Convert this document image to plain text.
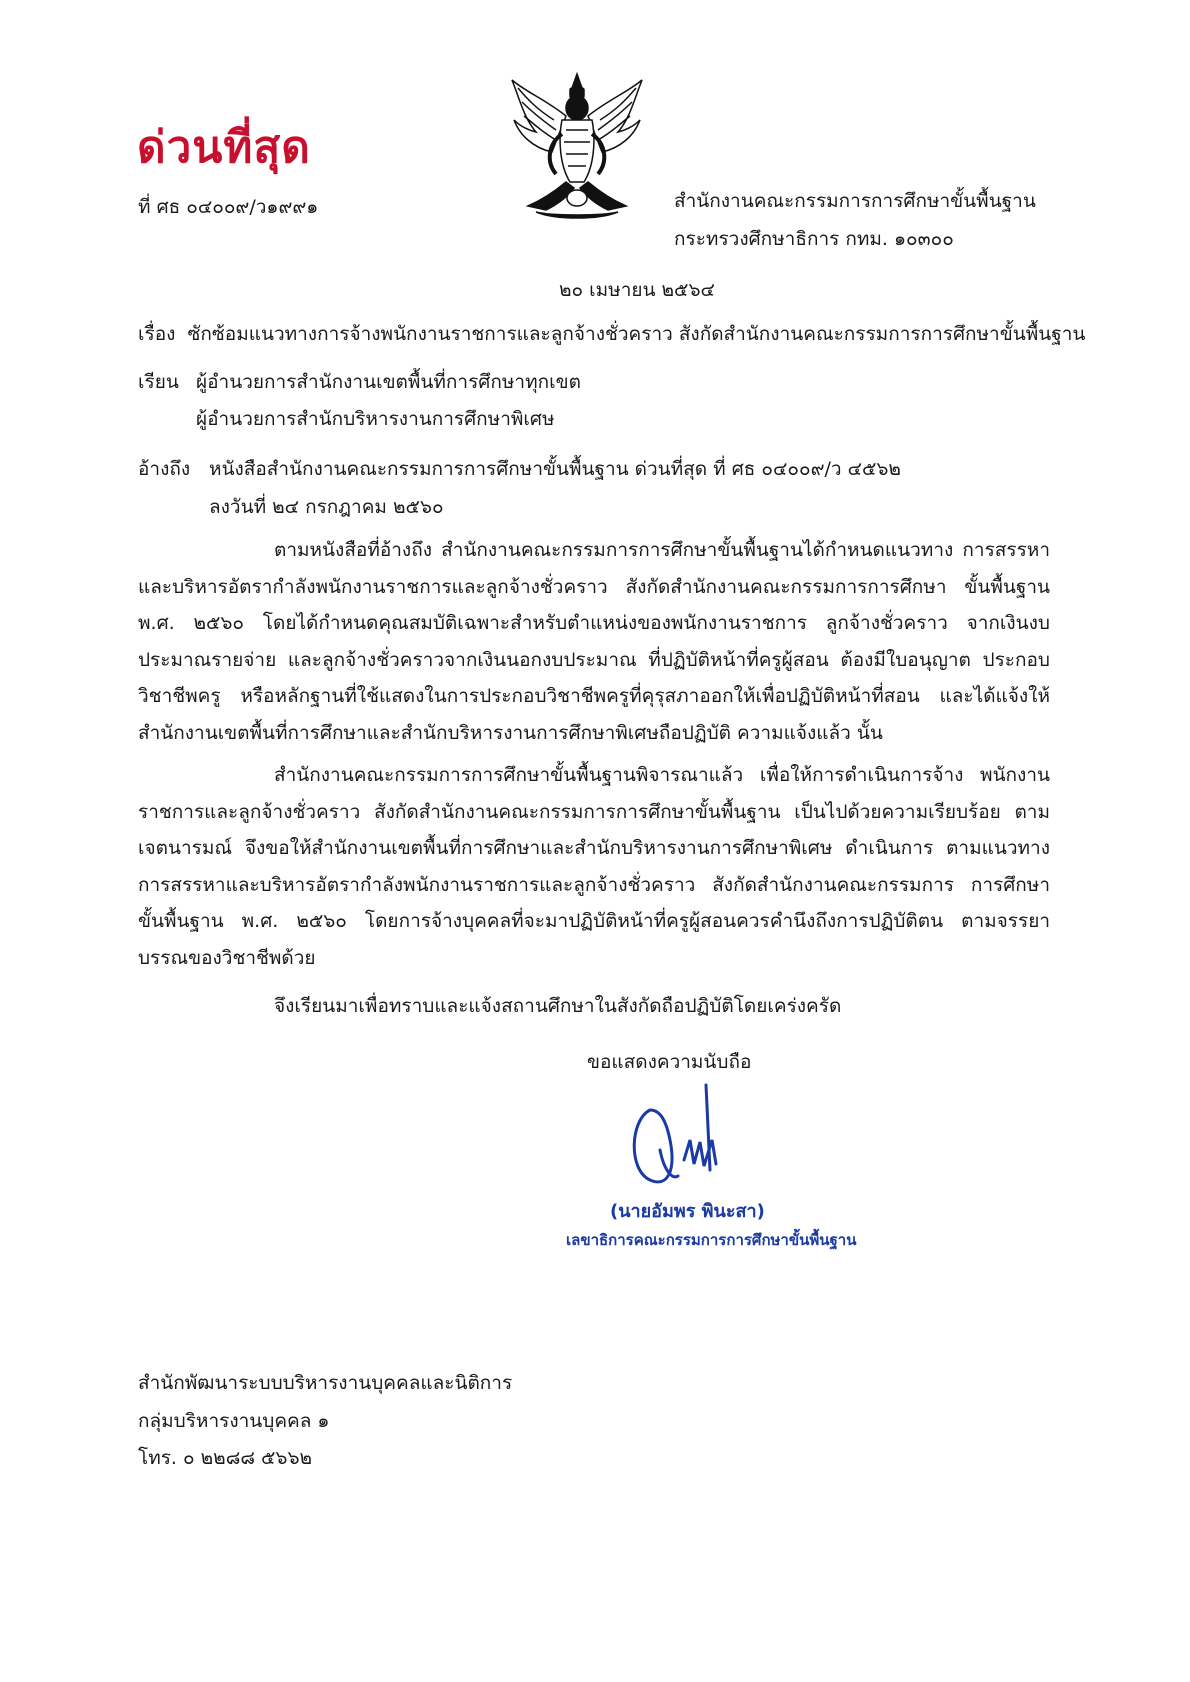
ด่วนที่สุด
ที่ ศธ ๐๔๐๐๙/ว๑๙๙๑	สำนักงานคณะกรรมการการศึกษาขั้นพื้นฐาน
กระทรวงศึกษาธิการ กทม. ๑๐๓๐๐
๒๐ เมษายน ๒๕๖๔
เรื่อง ซักซ้อมแนวทางการจ้างพนักงานราชการและลูกจ้างชั่วคราว สังกัดสำนักงานคณะกรรมการการศึกษาขั้นพื้นฐาน
เรียน ผู้อำนวยการสำนักงานเขตพื้นที่การศึกษาทุกเขต
ผู้อำนวยการสำนักบริหารงานการศึกษาพิเศษ
อ้างถึง หนังสือสำนักงานคณะกรรมการการศึกษาขั้นพื้นฐาน ด่วนที่สุด ที่ ศธ ๐๔๐๐๙/ว ๔๕๖๒
ลงวันที่ ๒๔ กรกฎาคม ๒๕๖๐

ตามหนังสือที่อ้างถึง สำนักงานคณะกรรมการการศึกษาขั้นพื้นฐานได้กำหนดแนวทาง การสรรหาและบริหารอัตรากำลังพนักงานราชการและลูกจ้างชั่วคราว สังกัดสำนักงานคณะกรรมการการศึกษา ขั้นพื้นฐาน พ.ศ. ๒๕๖๐ โดยได้กำหนดคุณสมบัติเฉพาะสำหรับตำแหน่งของพนักงานราชการ ลูกจ้างชั่วคราว จากเงินงบประมาณรายจ่าย และลูกจ้างชั่วคราวจากเงินนอกงบประมาณ ที่ปฏิบัติหน้าที่ครูผู้สอน ต้องมีใบอนุญาต ประกอบวิชาชีพครู หรือหลักฐานที่ใช้แสดงในการประกอบวิชาชีพครูที่คุรุสภาออกให้เพื่อปฏิบัติหน้าที่สอน และได้แจ้งให้สำนักงานเขตพื้นที่การศึกษาและสำนักบริหารงานการศึกษาพิเศษถือปฏิบัติ ความแจ้งแล้ว นั้น

สำนักงานคณะกรรมการการศึกษาขั้นพื้นฐานพิจารณาแล้ว เพื่อให้การดำเนินการจ้าง พนักงานราชการและลูกจ้างชั่วคราว สังกัดสำนักงานคณะกรรมการการศึกษาขั้นพื้นฐาน เป็นไปด้วยความเรียบร้อย ตามเจตนารมณ์ จึงขอให้สำนักงานเขตพื้นที่การศึกษาและสำนักบริหารงานการศึกษาพิเศษ ดำเนินการ ตามแนวทางการสรรหาและบริหารอัตรากำลังพนักงานราชการและลูกจ้างชั่วคราว สังกัดสำนักงานคณะกรรมการ การศึกษาขั้นพื้นฐาน พ.ศ. ๒๕๖๐ โดยการจ้างบุคคลที่จะมาปฏิบัติหน้าที่ครูผู้สอนควรคำนึงถึงการปฏิบัติตน ตามจรรยาบรรณของวิชาชีพด้วย

จึงเรียนมาเพื่อทราบและแจ้งสถานศึกษาในสังกัดถือปฏิบัติโดยเคร่งครัด
ขอแสดงความนับถือ
(นายอัมพร พินะสา)
เลขาธิการคณะกรรมการการศึกษาขั้นพื้นฐาน
สำนักพัฒนาระบบบริหารงานบุคคลและนิติการ
กลุ่มบริหารงานบุคคล ๑
โทร. ๐ ๒๒๘๘ ๕๖๖๒
